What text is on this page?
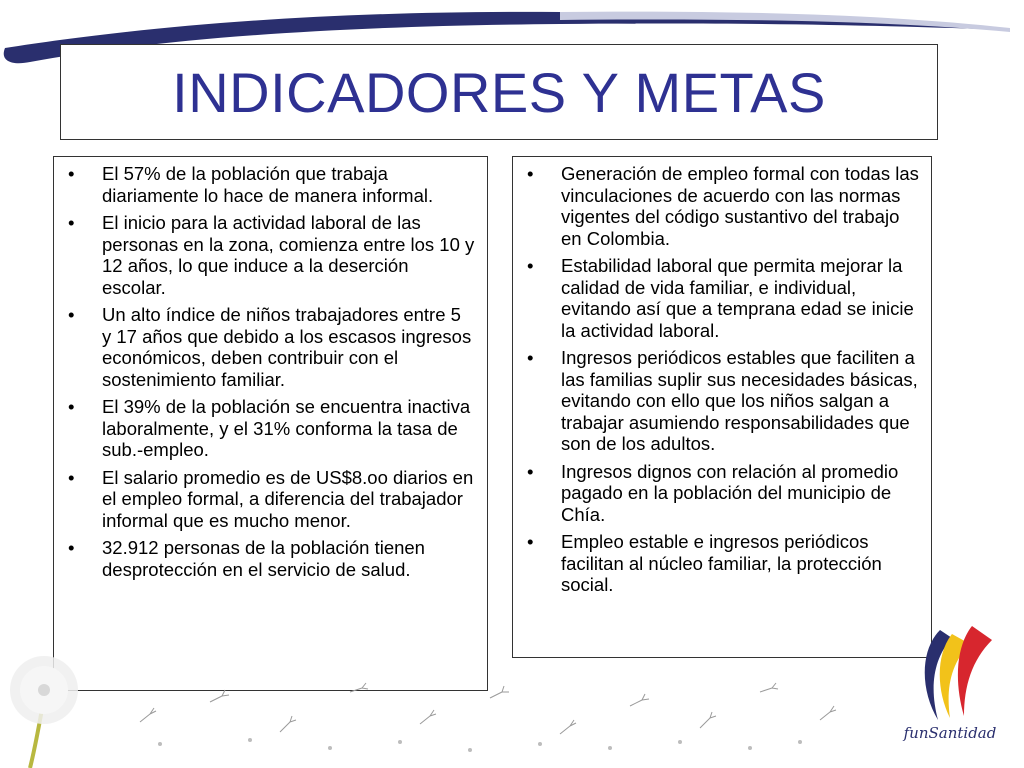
INDICADORES Y METAS
• El 57% de la población que trabaja diariamente lo hace de manera informal.
• El inicio para la actividad laboral de las personas en la zona, comienza entre los 10 y 12 años, lo que induce a la deserción escolar.
• Un alto índice de niños trabajadores entre 5 y 17 años que debido a los escasos ingresos económicos, deben contribuir con el sostenimiento familiar.
• El 39% de la población se encuentra inactiva laboralmente, y el 31% conforma la tasa de sub.-empleo.
• El salario promedio es de US$8.oo diarios en el empleo formal, a diferencia del trabajador informal que es mucho menor.
• 32.912 personas de la población tienen desprotección en el servicio de salud.
• Generación de empleo formal con todas las vinculaciones de acuerdo con las normas vigentes del código sustantivo del trabajo en Colombia.
• Estabilidad laboral que permita mejorar la calidad de vida familiar, e individual, evitando así que a temprana edad se inicie la actividad laboral.
• Ingresos periódicos estables que faciliten a las familias suplir sus necesidades básicas, evitando con ello que los niños salgan a trabajar asumiendo responsabilidades que son de los adultos.
• Ingresos dignos con relación al promedio pagado en la población del municipio de Chía.
• Empleo estable e ingresos periódicos facilitan al núcleo familiar, la protección social.
funSantidad
